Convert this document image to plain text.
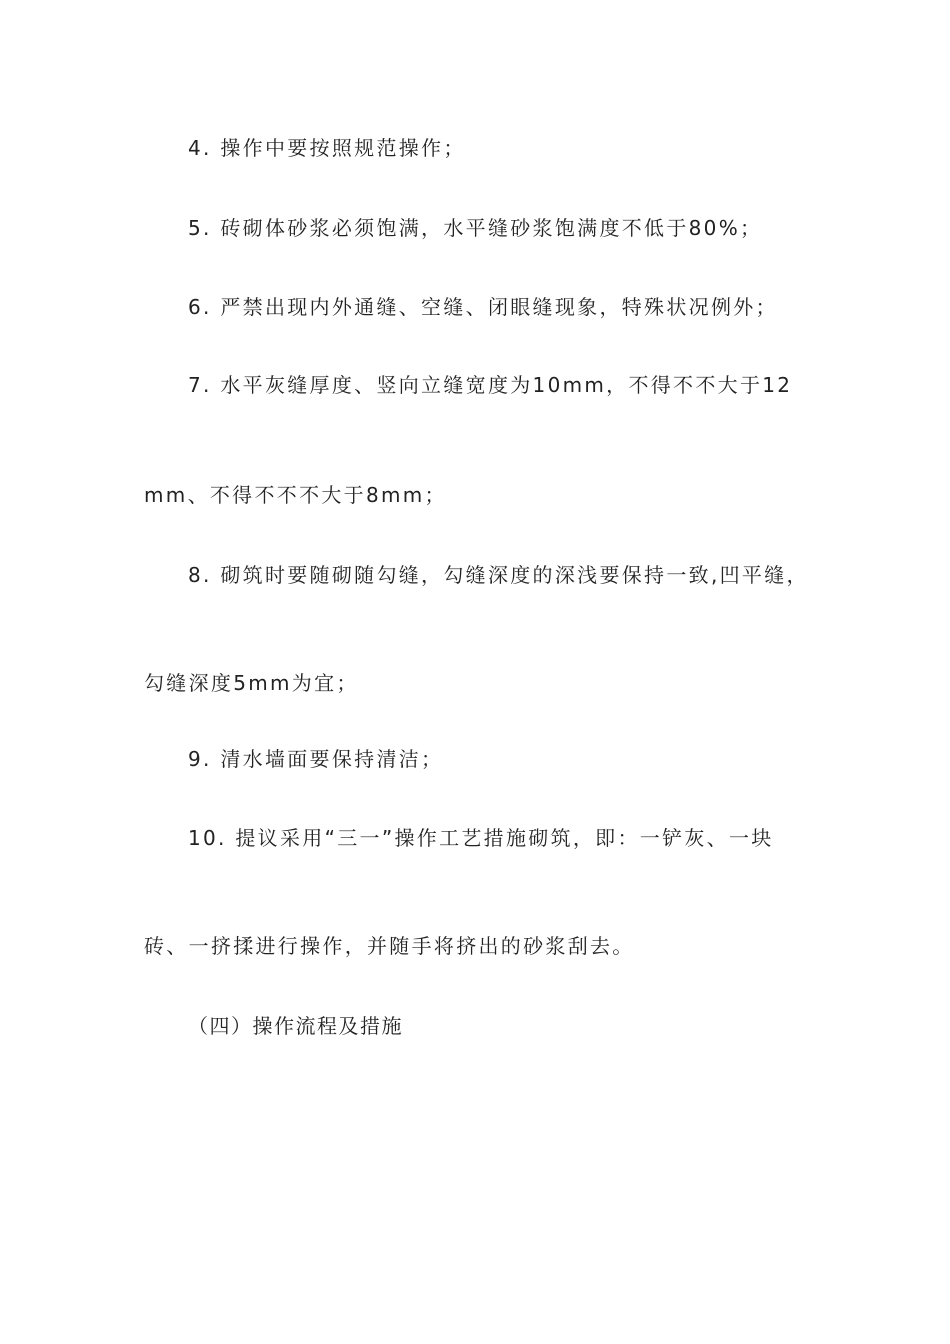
4. 操作中要按照规范操作；
5. 砖砌体砂浆必须饱满，水平缝砂浆饱满度不低于80%；
6. 严禁出现内外通缝、空缝、闭眼缝现象，特殊状况例外；
7. 水平灰缝厚度、竖向立缝宽度为10mm，不得不不大于12
mm、不得不不不大于8mm；
8. 砌筑时要随砌随勾缝，勾缝深度的深浅要保持一致,凹平缝，
勾缝深度5mm为宜；
9. 清水墙面要保持清洁；
10. 提议采用“三一”操作工艺措施砌筑，即：一铲灰、一块
砖、一挤揉进行操作，并随手将挤出的砂浆刮去。
（四）操作流程及措施
